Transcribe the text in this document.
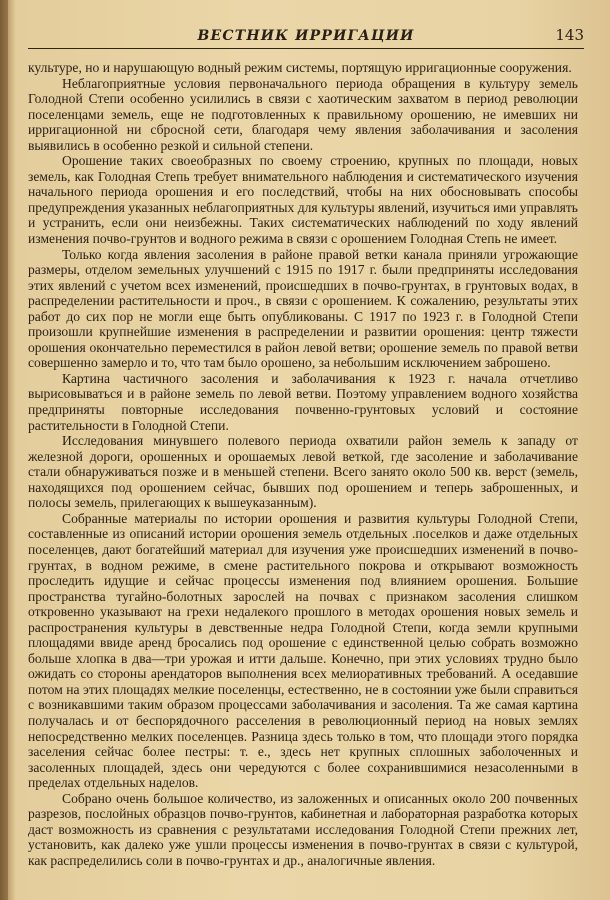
ВЕСТНИК ИРРИГАЦИИ	143

культуре, но и нарушающую водный режим системы, портящую ирригационные сооружения.

Неблагоприятные условия первоначального периода обращения в культуру земель Голодной Степи особенно усилились в связи с хаотическим захватом в период революции поселенцами земель, еще не подготовленных к правильному орошению, не имевших ни ирригационной ни сбросной сети, благодаря чему явления заболачивания и засоления выявились в особенно резкой и сильной степени.

Орошение таких своеобразных по своему строению, крупных по площади, новых земель, как Голодная Степь требует внимательного наблюдения и систематического изучения начального периода орошения и его последствий, чтобы на них обосновывать способы предупреждения указанных неблагоприятных для культуры явлений, изучиться ими управлять и устранить, если они неизбежны. Таких систематических наблюдений по ходу явлений изменения почво-грунтов и водного режима в связи с орошением Голодная Степь не имеет.

Только когда явления засоления в районе правой ветки канала приняли угрожающие размеры, отделом земельных улучшений с 1915 по 1917 г. были предприняты исследования этих явлений с учетом всех изменений, происшедших в почво-грунтах, в грунтовых водах, в распределении растительности и проч., в связи с орошением. К сожалению, результаты этих работ до сих пор не могли еще быть опубликованы. С 1917 по 1923 г. в Голодной Степи произошли крупнейшие изменения в распределении и развитии орошения: центр тяжести орошения окончательно переместился в район левой ветви; орошение земель по правой ветви совершенно замерло и то, что там было орошено, за небольшим исключением заброшено.

Картина частичного засоления и заболачивания к 1923 г. начала отчетливо вырисовываться и в районе земель по левой ветви. Поэтому управлением водного хозяйства предприняты повторные исследования почвенно-грунтовых условий и состояние растительности в Голодной Степи.

Исследования минувшего полевого периода охватили район земель к западу от железной дороги, орошенных и орошаемых левой веткой, где засоление и заболачивание стали обнаруживаться позже и в меньшей степени. Всего занято около 500 кв. верст (земель, находящихся под орошением сейчас, бывших под орошением и теперь заброшенных, и полосы земель, прилегающих к вышеуказанным).

Собранные материалы по истории орошения и развития культуры Голодной Степи, составленные из описаний истории орошения земель отдельных .поселков и даже отдельных поселенцев, дают богатейший материал для изучения уже происшедших изменений в почво-грунтах, в водном режиме, в смене растительного покрова и открывают возможность проследить идущие и сейчас процессы изменения под влиянием орошения. Большие пространства тугайно-болотных зарослей на почвах с признаком засоления слишком откровенно указывают на грехи недалекого прошлого в методах орошения новых земель и распространения культуры в девственные недра Голодной Степи, когда земли крупными площадями ввиде аренд бросались под орошение с единственной целью собрать возможно больше хлопка в два—три урожая и итти дальше. Конечно, при этих условиях трудно было ожидать со стороны арендаторов выполнения всех мелиоративных требований. А оседавшие потом на этих площадях мелкие поселенцы, естественно, не в состоянии уже были справиться с возникавшими таким образом процессами заболачивания и засоления. Та же самая картина получалась и от беспорядочного расселения в революционный период на новых землях непосредственно мелких поселенцев. Разница здесь только в том, что площади этого порядка заселения сейчас более пестры: т. е., здесь нет крупных сплошных заболоченных и засоленных площадей, здесь они чередуются с более сохранившимися незасоленными в пределах отдельных наделов.

Собрано очень большое количество, из заложенных и описанных около 200 почвенных разрезов, послойных образцов почво-грунтов, кабинетная и лабораторная разработка которых даст возможность из сравнения с результатами исследования Голодной Степи прежних лет, установить, как далеко уже ушли процессы изменения в почво-грунтах в связи с культурой, как распределились соли в почво-грунтах и др., аналогичные явления.
